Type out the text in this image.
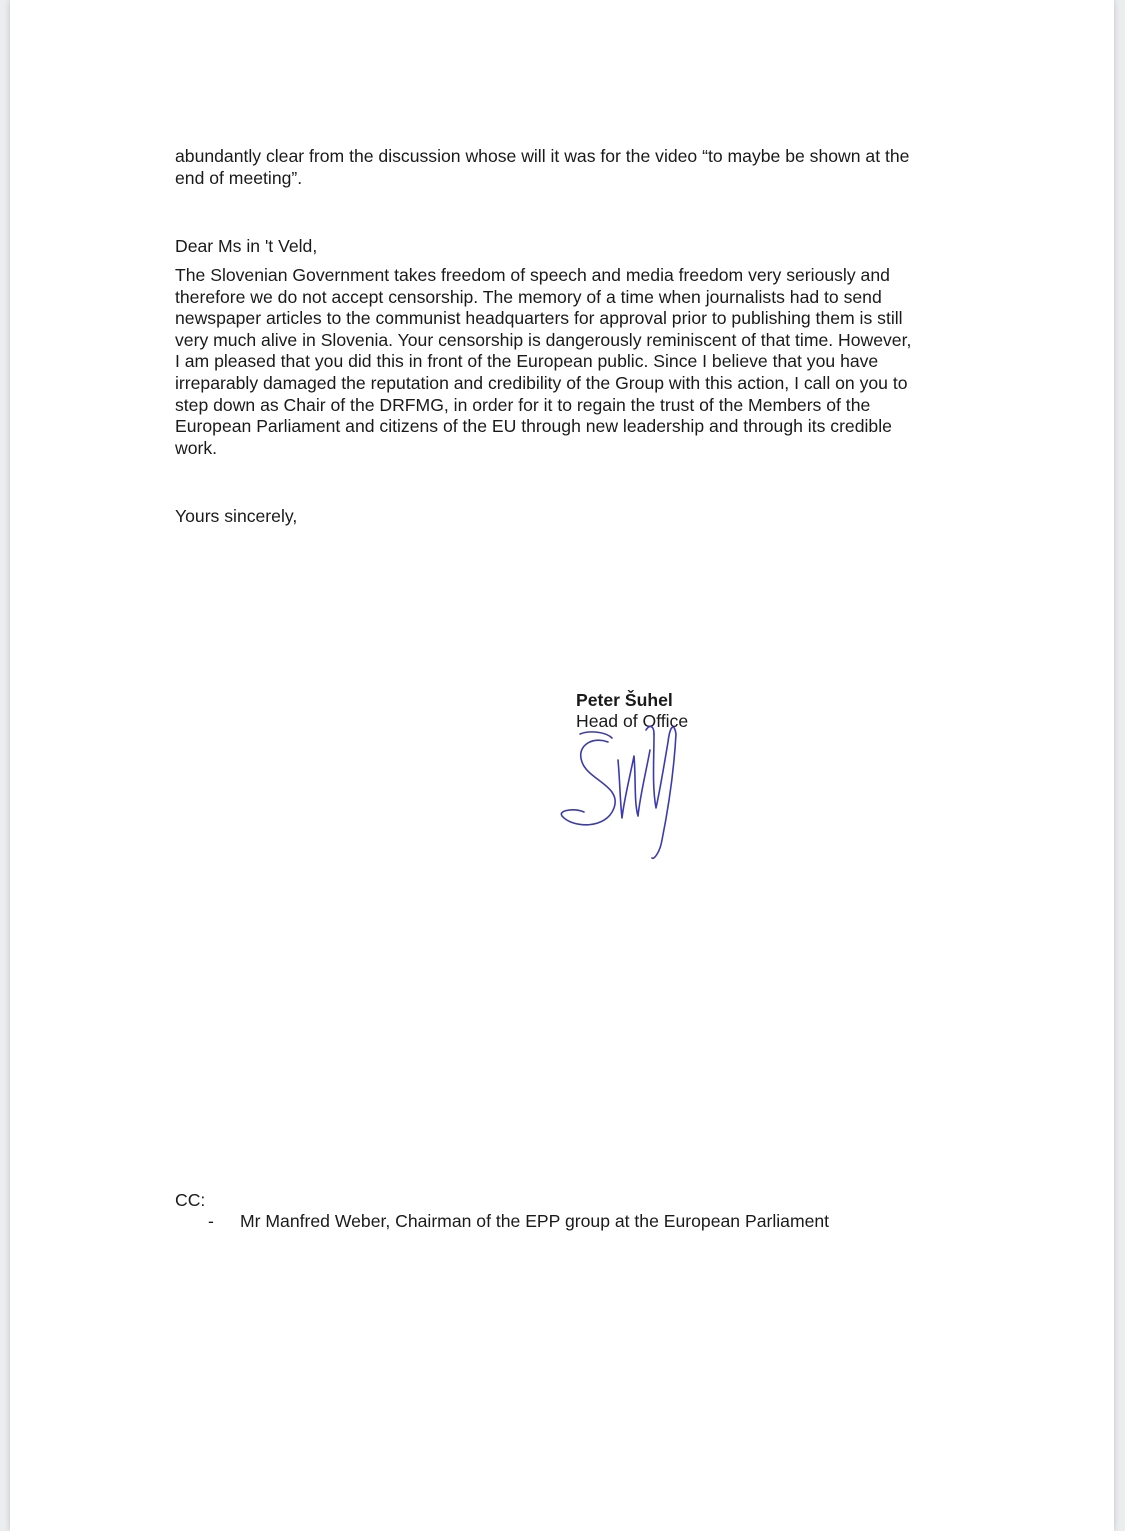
abundantly clear from the discussion whose will it was for the video “to maybe be shown at the
end of meeting”.

Dear Ms in 't Veld,

The Slovenian Government takes freedom of speech and media freedom very seriously and
therefore we do not accept censorship. The memory of a time when journalists had to send
newspaper articles to the communist headquarters for approval prior to publishing them is still
very much alive in Slovenia. Your censorship is dangerously reminiscent of that time. However,
I am pleased that you did this in front of the European public. Since I believe that you have
irreparably damaged the reputation and credibility of the Group with this action, I call on you to
step down as Chair of the DRFMG, in order for it to regain the trust of the Members of the
European Parliament and citizens of the EU through new leadership and through its credible
work.

Yours sincerely,

Peter Šuhel

Head of Office

CC:

- Mr Manfred Weber, Chairman of the EPP group at the European Parliament
